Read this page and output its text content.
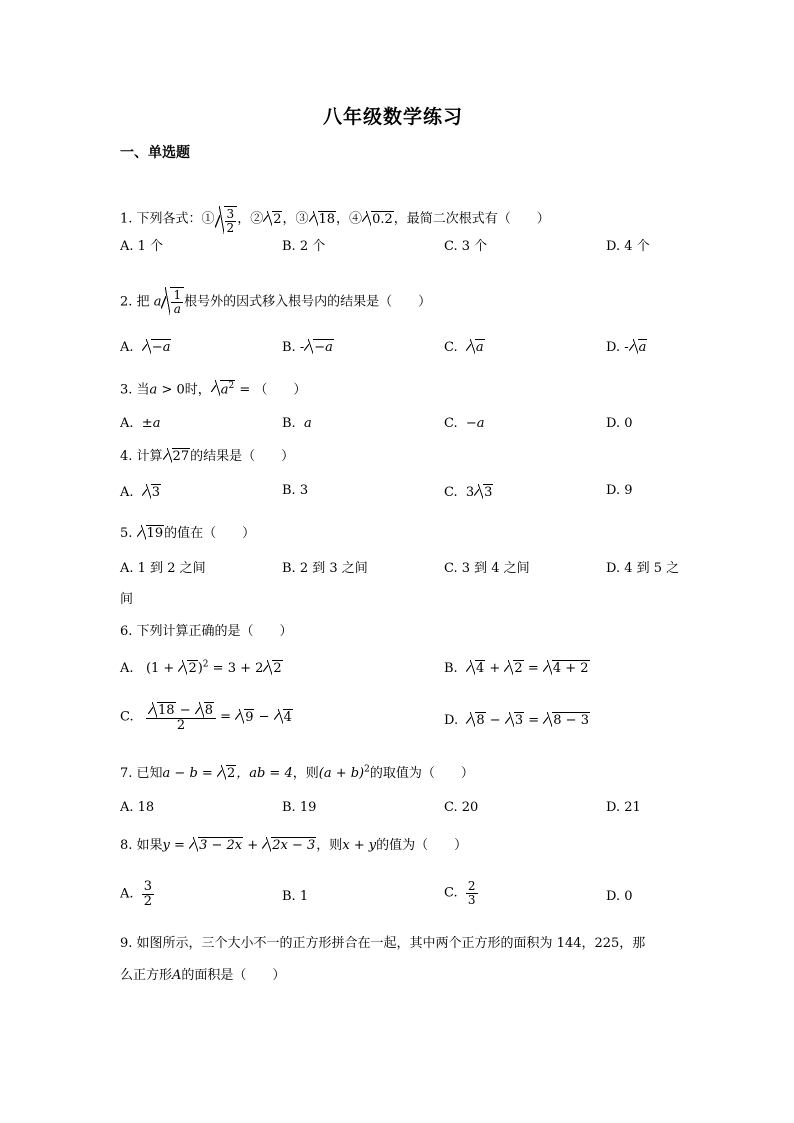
八年级数学练习
一、单选题
1. 下列各式：① $\frac{3}{2}$ ，② 2，③ 18，④ 0.2，最简二次根式有（　　）
A. 1 个	B. 2 个	C. 3 个	D. 4 个
2. 把 a $\frac{1}{a}$ 根号外的因式移入根号内的结果是（　　）
A. −a	B. - −a	C. a	D. - a
3. 当a > 0时， $a^2$ = （　　）
A. ±a	B. a	C. −a	D. 0
4. 计算 27的结果是（　　）
A. 3	B. 3	C. 3 3	D. 9
5. 19的值在（　　）
A. 1 到 2 之间	B. 2 到 3 之间	C. 3 到 4 之间	D. 4 到 5 之
间
6. 下列计算正确的是（　　）
A. $(1 + 2)^2 = 3 + 2$ 2	B. 4 + 2 = 4 + 2
C. $\frac{18 - 8}{2} = 9 - 4$	D. 8 − 3 = 8 − 3
7. 已知a − b = 2，ab = 4，则$(a + b)^2$的取值为（　　）
A. 18	B. 19	C. 20	D. 21
8. 如果y = 3 − 2x + 2x − 3，则x + y的值为（　　）
A. $\frac{3}{2}$	B. 1	C. $\frac{2}{3}$	D. 0
9. 如图所示，三个大小不一的正方形拼合在一起，其中两个正方形的面积为 144，225，那
么正方形A的面积是（　　）
